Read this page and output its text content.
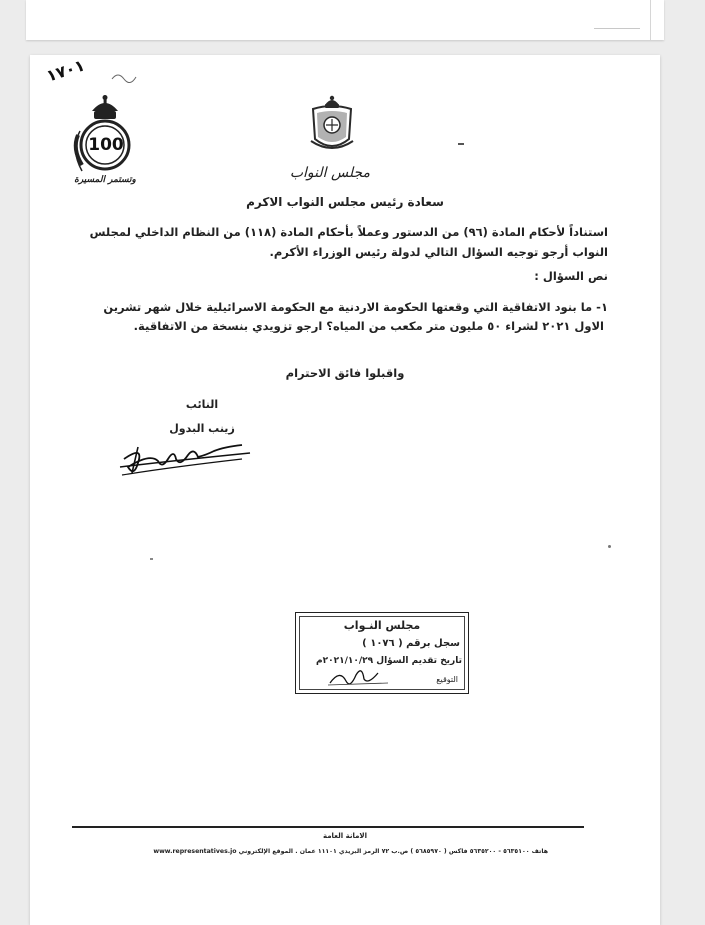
١٧٠١
100
وتستمر المسيرة	مجلس النواب
سعادة رئيس مجلس النواب الاكرم
استناداً لأحكام المادة (٩٦) من الدستور وعملاً بأحكام المادة (١١٨) من النظام الداخلي لمجلس
النواب أرجو توجيه السؤال التالي لدولة رئيس الوزراء الأكرم.
نص السؤال :
١- ما بنود الاتفاقية التي وقعتها الحكومة الاردنية مع الحكومة الاسرائيلية خلال شهر تشرين
الاول ٢٠٢١ لشراء ٥٠ مليون متر مكعب من المياه؟ ارجو تزويدي بنسخة من الاتفاقية.
واقبلوا فائق الاحترام
النائب
زينب البدول
مجلس النـواب
سجل برقم ( ١٠٧٦ )
تاريخ تقديم السؤال ٢٠٢١/١٠/٢٩م
التوقيع
الامانة العامة
هاتف ٥٦٣٥١٠٠ - ٥٦٣٥٢٠٠ فاكس ( ٥٦٨٥٩٧٠ ) ص.ب ٧٢ الرمز البريدي ١١١٠١ عمان . الموقع الإلكتروني www.representatives.jo
